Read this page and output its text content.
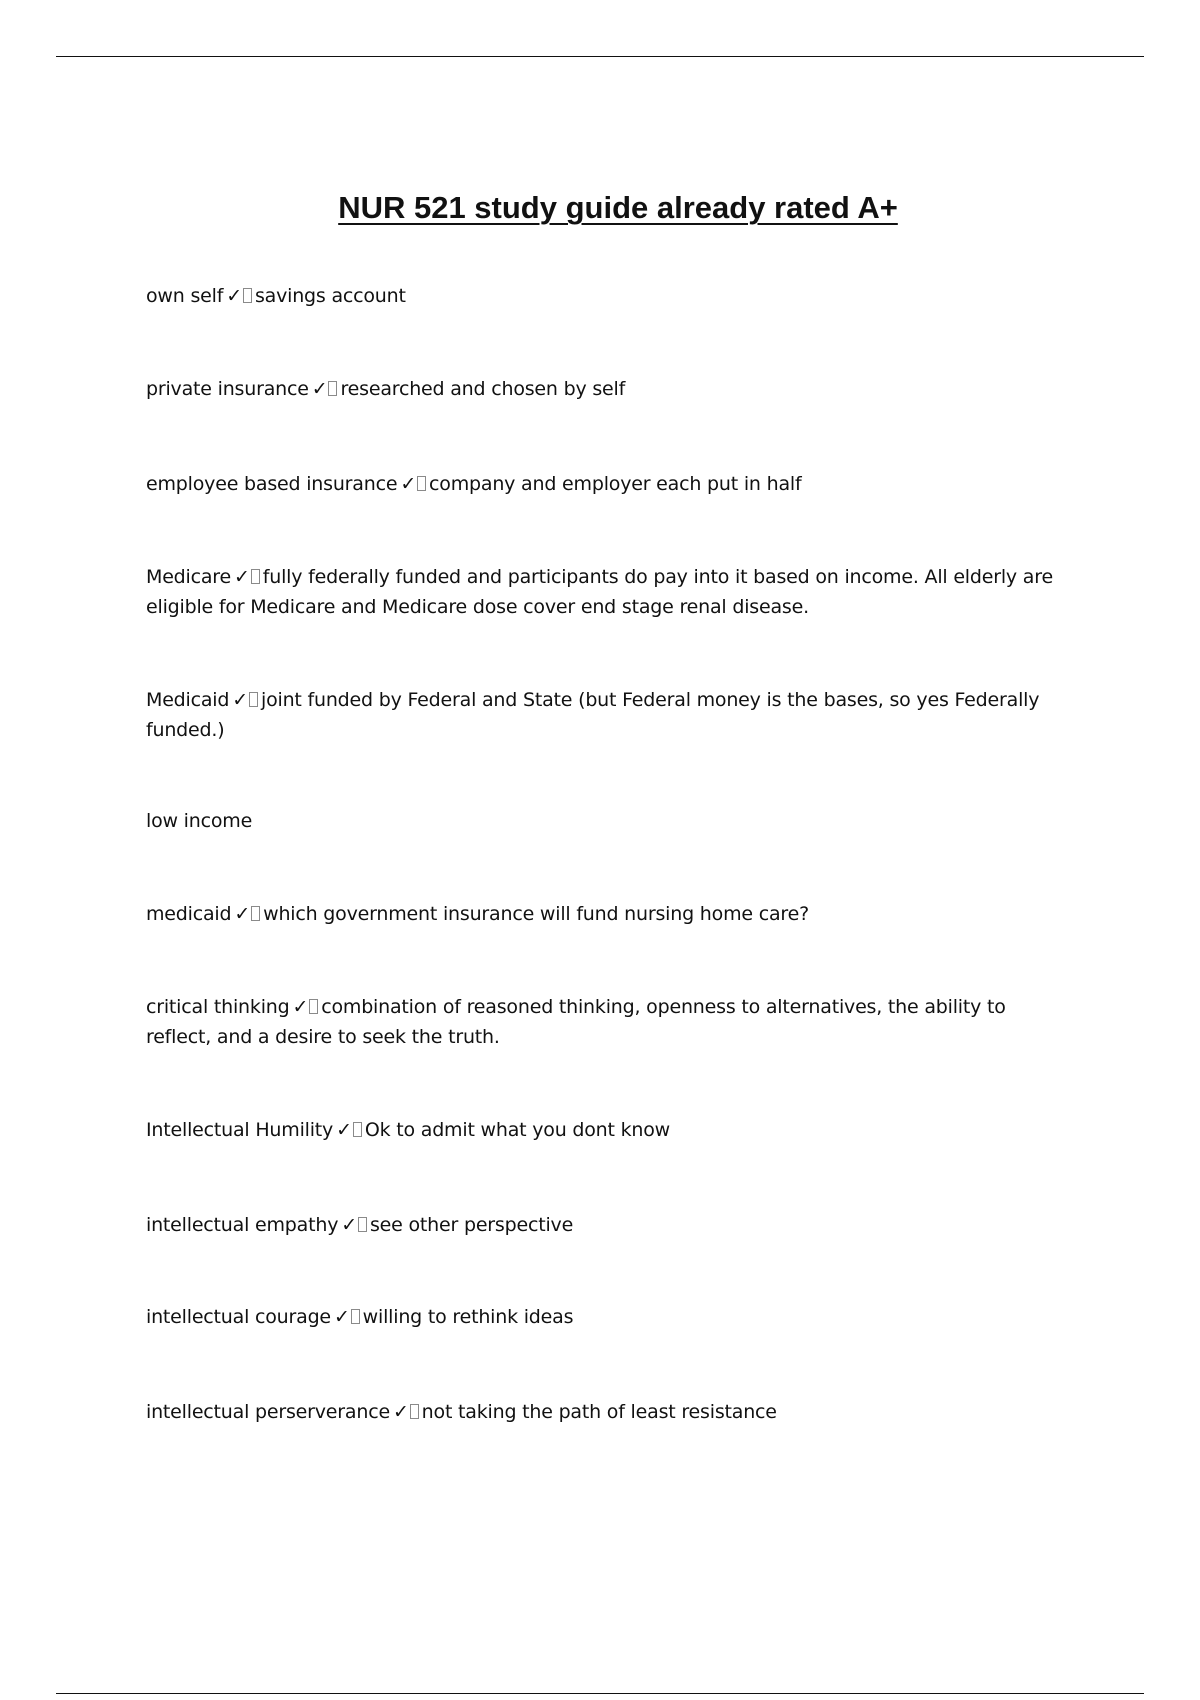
NUR 521 study guide already rated A+

own self ✓ savings account

private insurance ✓ researched and chosen by self

employee based insurance ✓ company and employer each put in half

Medicare ✓ fully federally funded and participants do pay into it based on income. All elderly are eligible for Medicare and Medicare dose cover end stage renal disease.

Medicaid ✓ joint funded by Federal and State (but Federal money is the bases, so yes Federally funded.)

low income

medicaid ✓ which government insurance will fund nursing home care?

critical thinking ✓ combination of reasoned thinking, openness to alternatives, the ability to reflect, and a desire to seek the truth.

Intellectual Humility ✓ Ok to admit what you dont know

intellectual empathy ✓ see other perspective

intellectual courage ✓ willing to rethink ideas

intellectual perserverance ✓ not taking the path of least resistance
